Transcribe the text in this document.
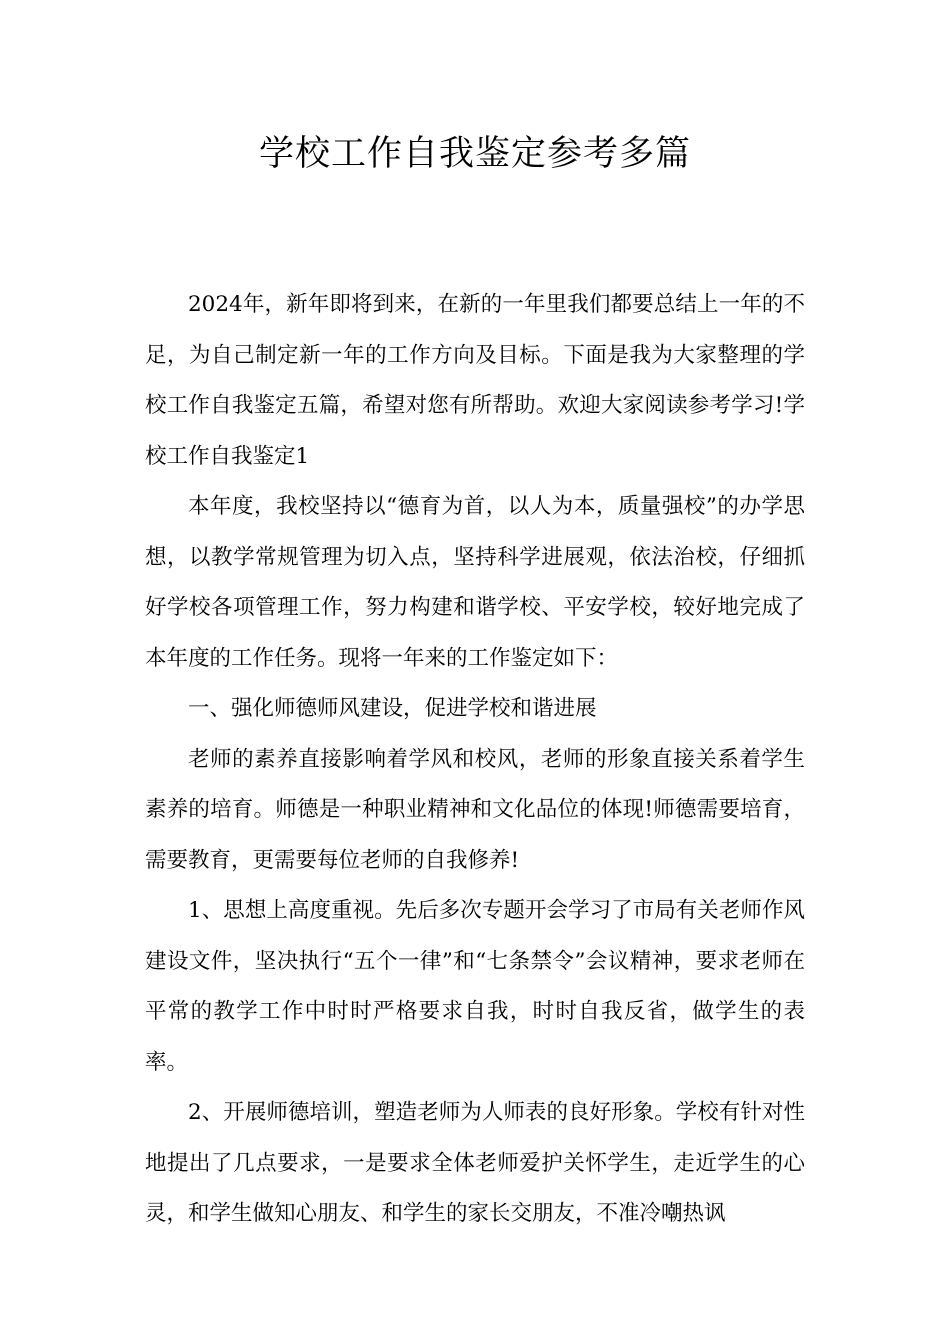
学校工作自我鉴定参考多篇

2024年，新年即将到来，在新的一年里我们都要总结上一年的不足，为自己制定新一年的工作方向及目标。下面是我为大家整理的学校工作自我鉴定五篇，希望对您有所帮助。欢迎大家阅读参考学习!学校工作自我鉴定1

本年度，我校坚持以“德育为首，以人为本，质量强校”的办学思想，以教学常规管理为切入点，坚持科学进展观，依法治校，仔细抓好学校各项管理工作，努力构建和谐学校、平安学校，较好地完成了本年度的工作任务。现将一年来的工作鉴定如下：

一、强化师德师风建设，促进学校和谐进展

老师的素养直接影响着学风和校风，老师的形象直接关系着学生素养的培育。师德是一种职业精神和文化品位的体现!师德需要培育，需要教育，更需要每位老师的自我修养!

1、思想上高度重视。先后多次专题开会学习了市局有关老师作风建设文件，坚决执行“五个一律”和“七条禁令”会议精神，要求老师在平常的教学工作中时时严格要求自我，时时自我反省，做学生的表率。

2、开展师德培训，塑造老师为人师表的良好形象。学校有针对性地提出了几点要求，一是要求全体老师爱护关怀学生，走近学生的心灵，和学生做知心朋友、和学生的家长交朋友，不准冷嘲热讽
